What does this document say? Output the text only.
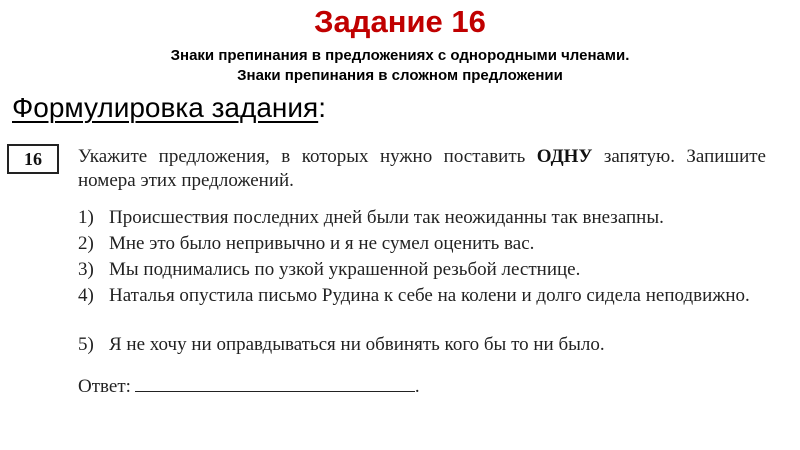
Задание 16
Знаки препинания в предложениях с однородными членами.
Знаки препинания в сложном предложении
Формулировка задания:
16	Укажите предложения, в которых нужно поставить ОДНУ запятую. Запишите номера этих предложений.
1) Происшествия последних дней были так неожиданны так внезапны.
2) Мне это было непривычно и я не сумел оценить вас.
3) Мы поднимались по узкой украшенной резьбой лестнице.
4) Наталья опустила письмо Рудина к себе на колени и долго сидела неподвижно.
5) Я не хочу ни оправдываться ни обвинять кого бы то ни было.
Ответ:	.
